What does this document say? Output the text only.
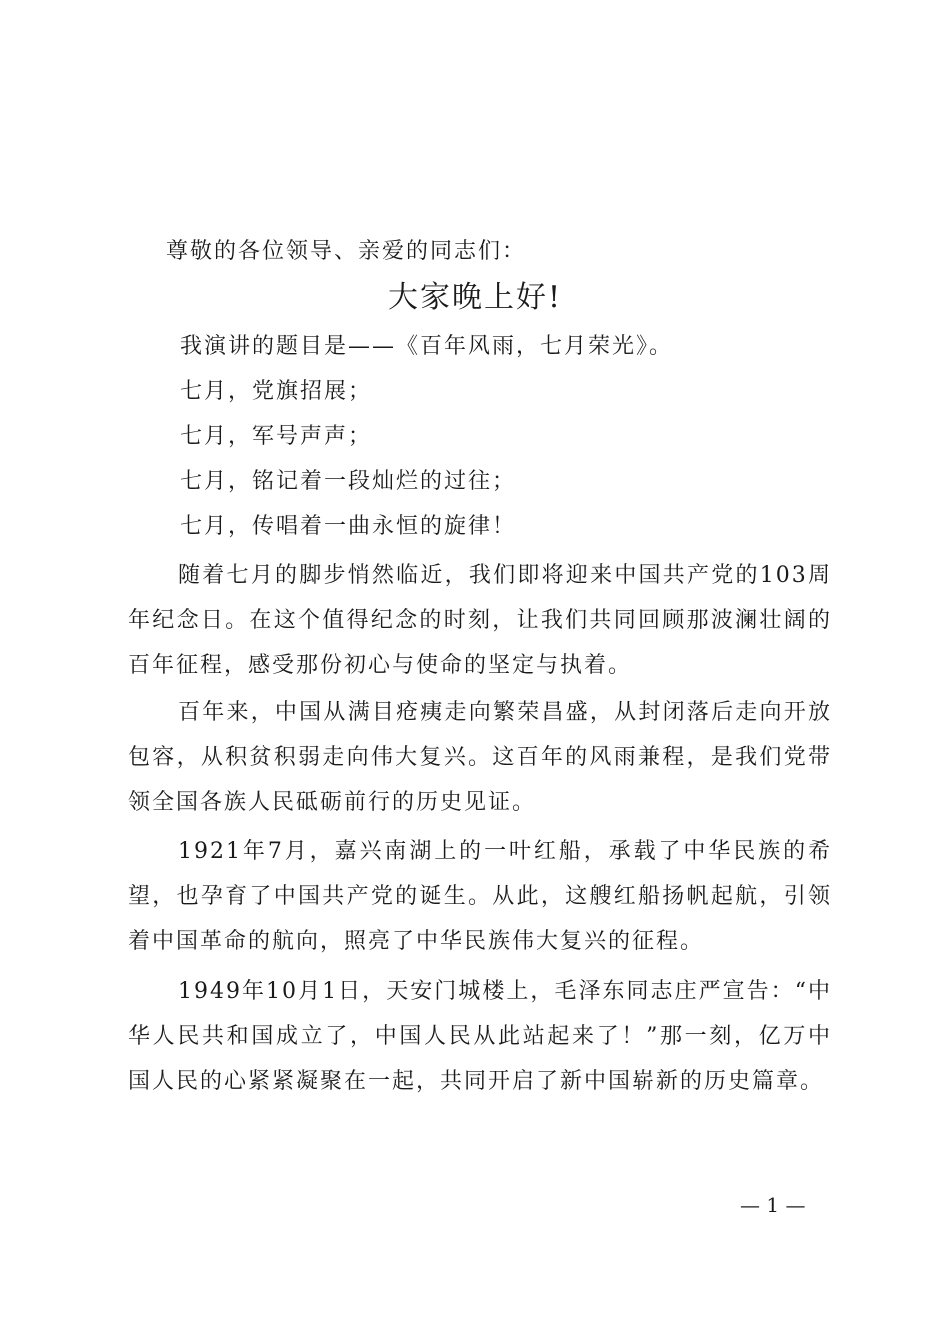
尊敬的各位领导、亲爱的同志们：
大家晚上好!
我演讲的题目是——《百年风雨，七月荣光》。
七月，党旗招展；
七月，军号声声；
七月，铭记着一段灿烂的过往；
七月，传唱着一曲永恒的旋律！

随着七月的脚步悄然临近，我们即将迎来中国共产党的103周年纪念日。在这个值得纪念的时刻，让我们共同回顾那波澜壮阔的百年征程，感受那份初心与使命的坚定与执着。

百年来，中国从满目疮痍走向繁荣昌盛，从封闭落后走向开放包容，从积贫积弱走向伟大复兴。这百年的风雨兼程，是我们党带领全国各族人民砥砺前行的历史见证。

1921年7月，嘉兴南湖上的一叶红船，承载了中华民族的希望，也孕育了中国共产党的诞生。从此，这艘红船扬帆起航，引领着中国革命的航向，照亮了中华民族伟大复兴的征程。

1949年10月1日，天安门城楼上，毛泽东同志庄严宣告：“中华人民共和国成立了，中国人民从此站起来了！”那一刻，亿万中国人民的心紧紧凝聚在一起，共同开启了新中国崭新的历史篇章。

— 1 —
